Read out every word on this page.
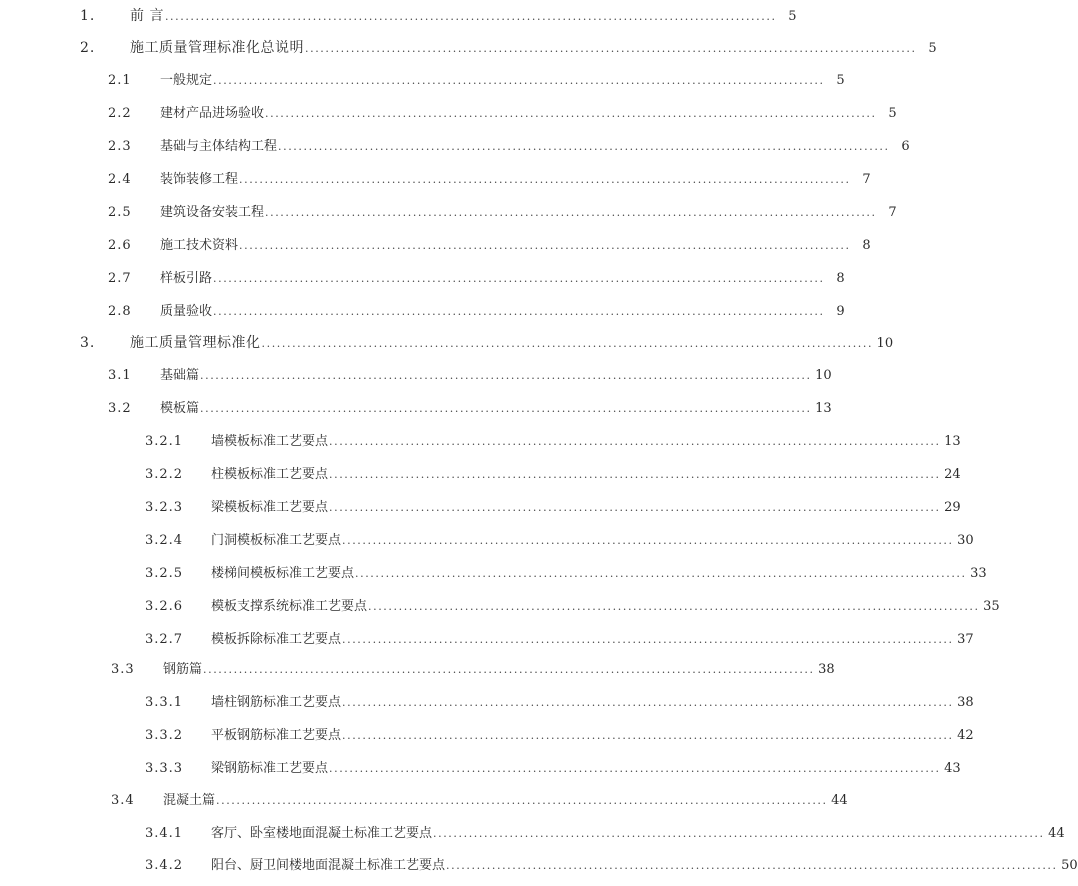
1.	前 言 ........................................................................................................................ 5
2.	施工质量管理标准化总说明 ........................................................................................................................ 5
2.1	一般规定 ........................................................................................................................ 5
2.2	建材产品进场验收 ........................................................................................................................ 5
2.3	基础与主体结构工程 ........................................................................................................................ 6
2.4	装饰装修工程 ........................................................................................................................ 7
2.5	建筑设备安装工程 ........................................................................................................................ 7
2.6	施工技术资料 ........................................................................................................................ 8
2.7	样板引路 ........................................................................................................................ 8
2.8	质量验收 ........................................................................................................................ 9
3.	施工质量管理标准化 ........................................................................................................................ 10
3.1	基础篇 ........................................................................................................................ 10
3.2	模板篇 ........................................................................................................................ 13
3.2.1	墙模板标准工艺要点 ........................................................................................................................ 13
3.2.2	柱模板标准工艺要点 ........................................................................................................................ 24
3.2.3	梁模板标准工艺要点 ........................................................................................................................ 29
3.2.4	门洞模板标准工艺要点 ........................................................................................................................ 30
3.2.5	楼梯间模板标准工艺要点 ........................................................................................................................ 33
3.2.6	模板支撑系统标准工艺要点 ........................................................................................................................ 35
3.2.7	模板拆除标准工艺要点 ........................................................................................................................ 37
3.3	钢筋篇 ........................................................................................................................ 38
3.3.1	墙柱钢筋标准工艺要点 ........................................................................................................................ 38
3.3.2	平板钢筋标准工艺要点 ........................................................................................................................ 42
3.3.3	梁钢筋标准工艺要点 ........................................................................................................................ 43
3.4	混凝土篇 ........................................................................................................................ 44
3.4.1	客厅、卧室楼地面混凝土标准工艺要点 ........................................................................................................................ 44
3.4.2	阳台、厨卫间楼地面混凝土标准工艺要点 ........................................................................................................................ 50
